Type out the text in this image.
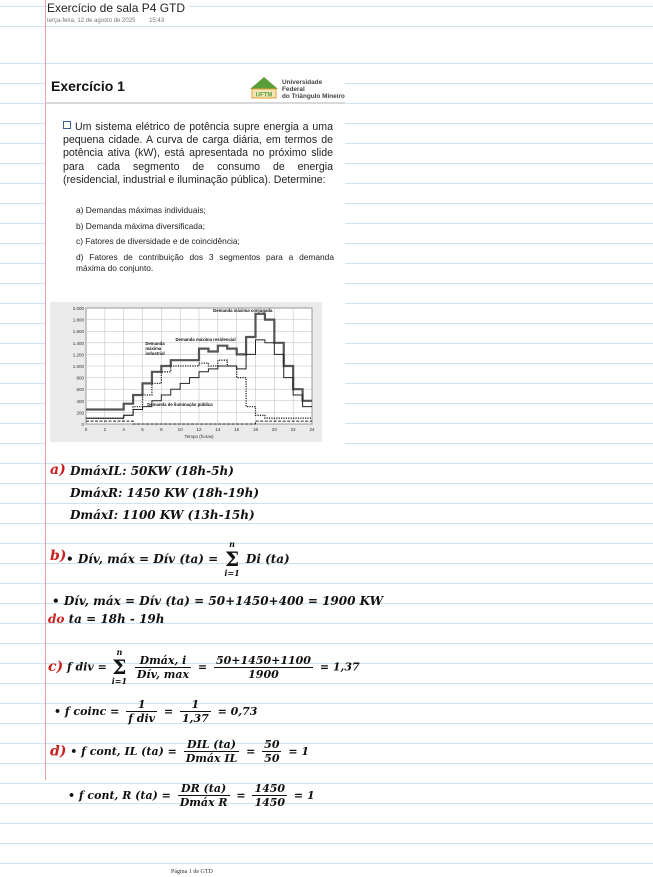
Exercício de sala P4 GTD
terça-feira, 12 de agosto de 2025 15:43
Exercício 1
UFTM
Universidade Federal
do Triângulo Mineiro
Um sistema elétrico de potência supre energia a uma pequena cidade. A curva de carga diária, em termos de potência ativa (kW), está apresentada no próximo slide para cada segmento de consumo de energia (residencial, industrial e iluminação pública). Determine:
a) Demandas máximas individuais;
b) Demanda máxima diversificada;
c) Fatores de diversidade e de coincidência;
d) Fatores de contribuição dos 3 segmentos para a demanda máxima do conjunto.
0
200
400
600
800
1.000
1.200
1.400
1.600
1.800
2.000
0	2	4	6	8	10	12	14	16	18	20	22	24
Tempo (horas)
Demanda máxima conjugada
Demanda máxima residencial
Demanda
máxima
industrial
Demanda de iluminação pública
a) DmáxIL: 50KW (18h-5h)
DmáxR: 1450 KW (18h-19h)
DmáxI: 1100 KW (13h-15h)
b) • Dív, máx = Dív (ta) =
n
Σ
i=1
Di (ta)
• Dív, máx = Dív (ta) = 50+1450+400 = 1900 KW
do ta = 18h - 19h
c) f div =
n
Σ
i=1

$\frac{\text{Dmáx, i}}{\text{Dív, max}} = \frac{50+1450+1100}{1900} = 1,37$
• f coinc = $\frac{1}{\text{f div}} = \frac{1}{1,37} = 0,73$
d) • f cont, IL $(ta) = \frac{\text{DIL (ta)}}{\text{Dmáx IL}} = \frac{50}{50} = 1$
• f cont, R $(ta) = \frac{DR (ta)}{\text{Dmáx R}} = \frac{1450}{1450} = 1$
Página 1 de GTD
